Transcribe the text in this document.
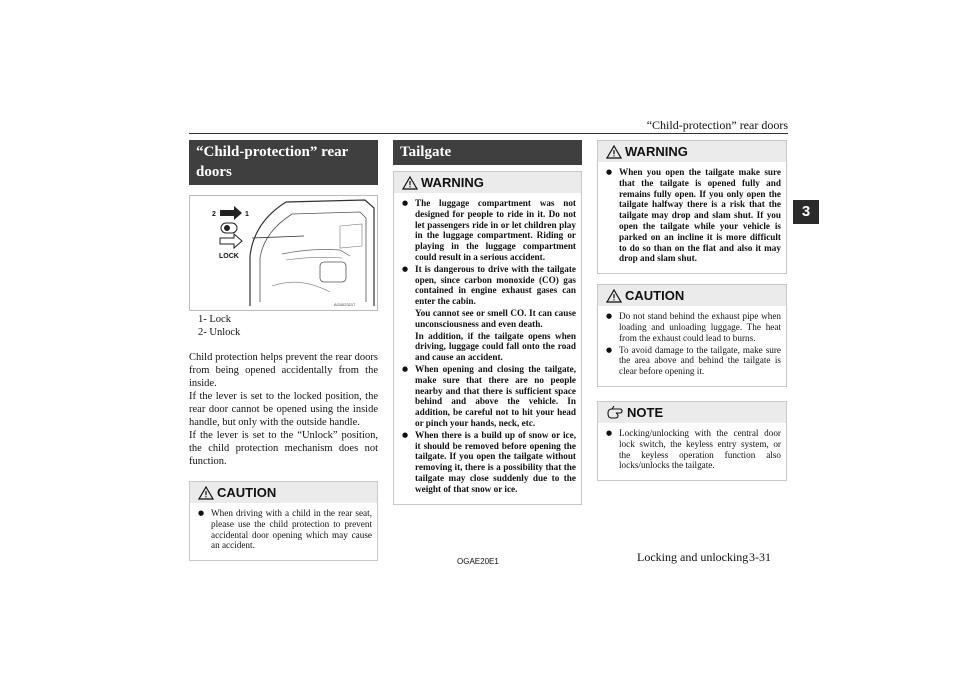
“Child-protection” rear doors
3
“Child-protection” rear doors
2	1
LOCK
AG0023217
1- Lock
2- Unlock
Child protection helps prevent the rear doors from being opened accidentally from the inside.
If the lever is set to the locked position, the rear door cannot be opened using the inside handle, but only with the outside handle.
If the lever is set to the “Unlock” position, the child protection mechanism does not function.
CAUTION
● When driving with a child in the rear seat, please use the child protection to prevent accidental door opening which may cause an accident.
Tailgate
WARNING
● The luggage compartment was not designed for people to ride in it. Do not let passengers ride in or let children play in the luggage compartment. Riding or playing in the luggage compartment could result in a serious accident.
● It is dangerous to drive with the tailgate open, since carbon monoxide (CO) gas contained in engine exhaust gases can enter the cabin.
You cannot see or smell CO. It can cause unconsciousness and even death.
In addition, if the tailgate opens when driving, luggage could fall onto the road and cause an accident.
● When opening and closing the tailgate, make sure that there are no people nearby and that there is sufficient space behind and above the vehicle. In addition, be careful not to hit your head or pinch your hands, neck, etc.
● When there is a build up of snow or ice, it should be removed before opening the tailgate. If you open the tailgate without removing it, there is a possibility that the tailgate may close suddenly due to the weight of that snow or ice.
WARNING
● When you open the tailgate make sure that the tailgate is opened fully and remains fully open. If you only open the tailgate halfway there is a risk that the tailgate may drop and slam shut. If you open the tailgate while your vehicle is parked on an incline it is more difficult to do so than on the flat and also it may drop and slam shut.
CAUTION
● Do not stand behind the exhaust pipe when loading and unloading luggage. The heat from the exhaust could lead to burns.
● To avoid damage to the tailgate, make sure the area above and behind the tailgate is clear before opening it.
NOTE
● Locking/unlocking with the central door lock switch, the keyless entry system, or the keyless operation function also locks/unlocks the tailgate.
OGAE20E1	Locking and unlocking 3-31
